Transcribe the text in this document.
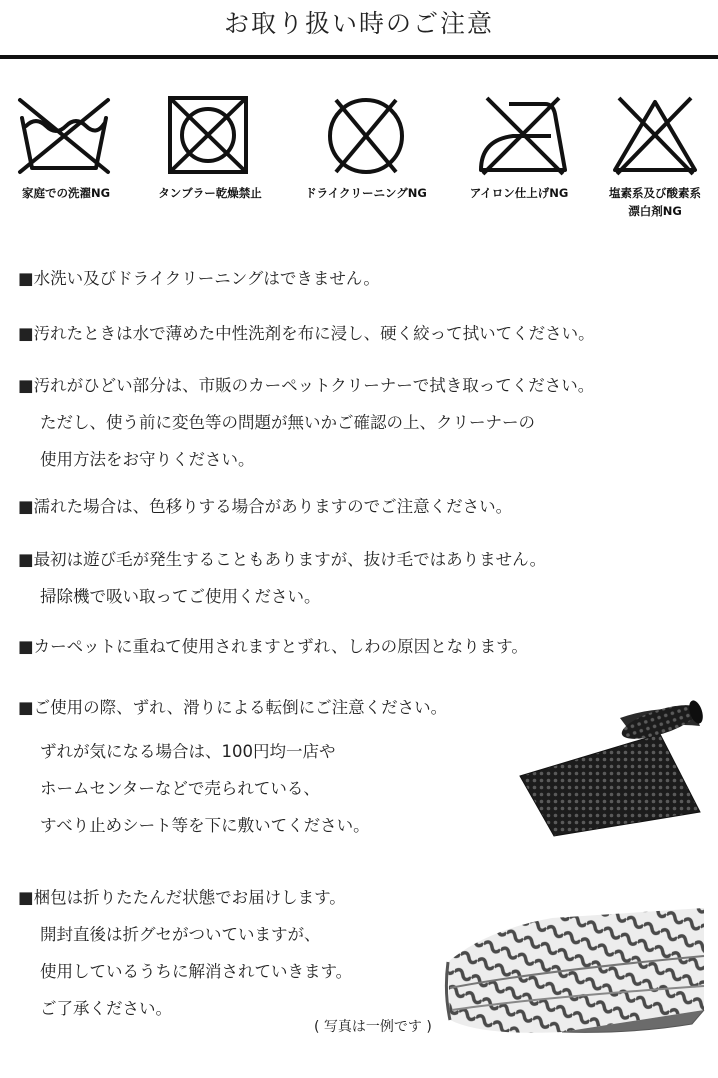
お取り扱い時のご注意
家庭での洗濯NG	タンブラー乾燥禁止	ドライクリーニングNG	アイロン仕上げNG	塩素系及び酸素系
漂白剤NG
■水洗い及びドライクリーニングはできません。
■汚れたときは水で薄めた中性洗剤を布に浸し、硬く絞って拭いてください。
■汚れがひどい部分は、市販のカーペットクリーナーで拭き取ってください。
ただし、使う前に変色等の問題が無いかご確認の上、クリーナーの
使用方法をお守りください。
■濡れた場合は、色移りする場合がありますのでご注意ください。
■最初は遊び毛が発生することもありますが、抜け毛ではありません。
掃除機で吸い取ってご使用ください。
■カーペットに重ねて使用されますとずれ、しわの原因となります。
■ご使用の際、ずれ、滑りによる転倒にご注意ください。
ずれが気になる場合は、100円均一店や
ホームセンターなどで売られている、
すべり止めシート等を下に敷いてください。
■梱包は折りたたんだ状態でお届けします。
開封直後は折グセがついていますが、
使用しているうちに解消されていきます。
ご了承ください。
( 写真は一例です )
